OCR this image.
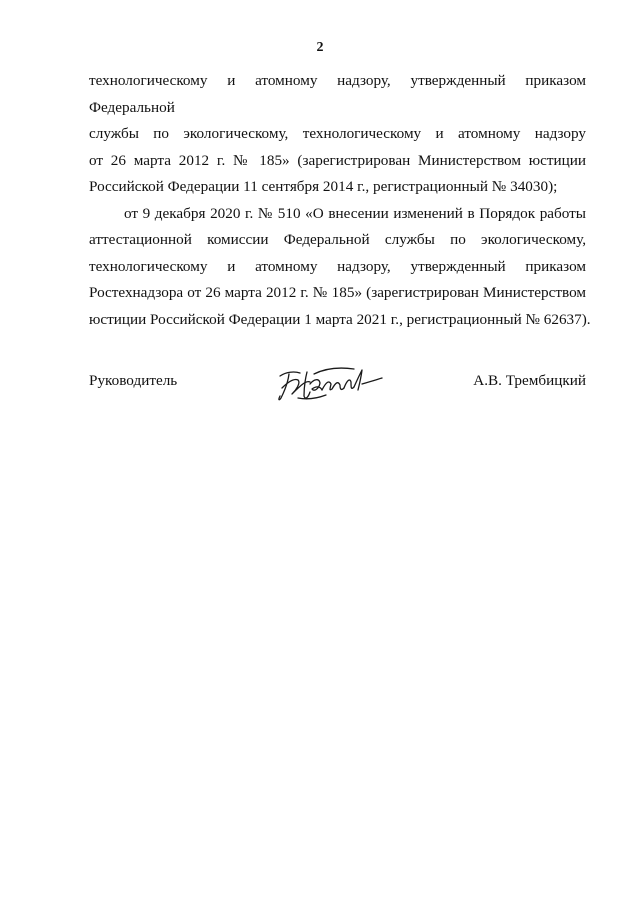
2
технологическому и атомному надзору, утвержденный приказом Федеральной
службы по экологическому, технологическому и атомному надзору
от 26 марта 2012 г. № 185» (зарегистрирован Министерством юстиции
Российской Федерации 11 сентября 2014 г., регистрационный № 34030);
от 9 декабря 2020 г. № 510 «О внесении изменений в Порядок работы
аттестационной комиссии Федеральной службы по экологическому,
технологическому и атомному надзору, утвержденный приказом
Ростехнадзора от 26 марта 2012 г. № 185» (зарегистрирован Министерством
юстиции Российской Федерации 1 марта 2021 г., регистрационный № 62637).
Руководитель	А.В. Трембицкий
